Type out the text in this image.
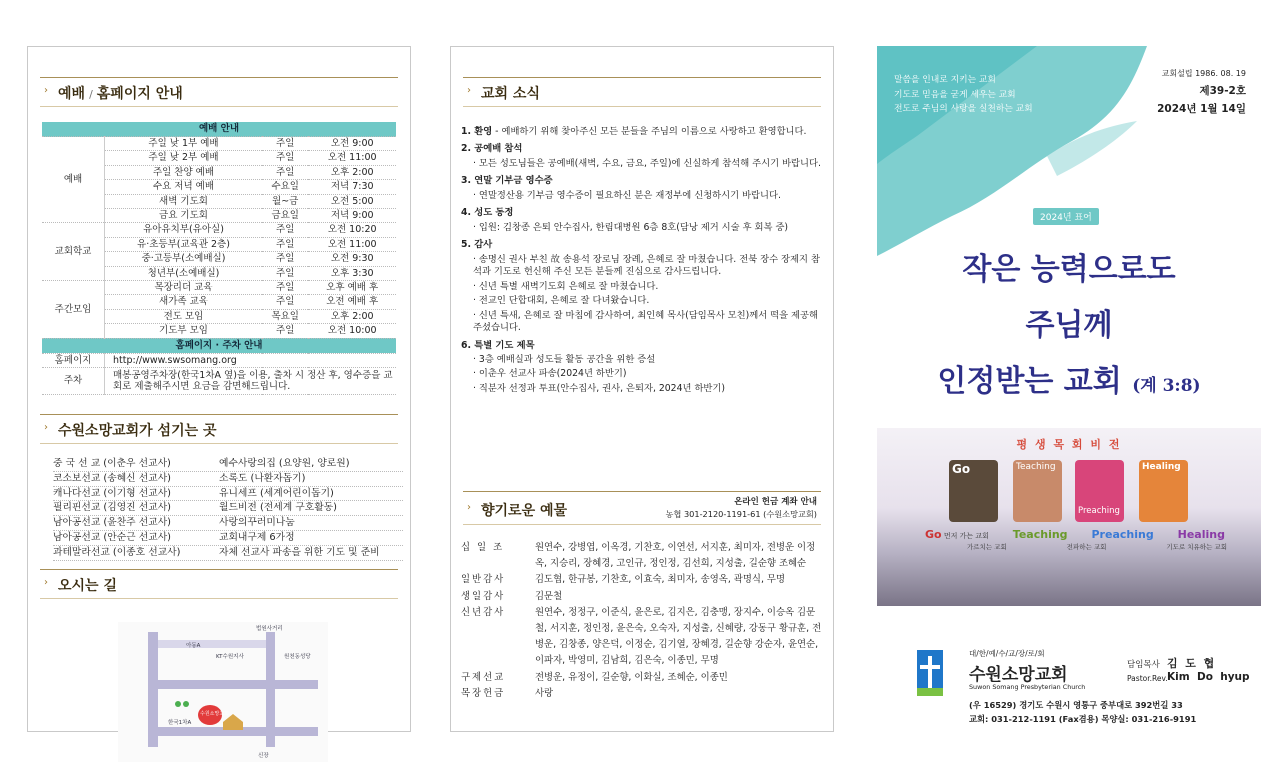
› 예배 / 홈페이지 안내
예배 안내			
예배	주일 낮 1부 예배	주일	오전 9:00
	주일 낮 2부 예배	주일	오전 11:00
	주일 찬양 예배	주일	오후 2:00
	수요 저녁 예배	수요일	저녁 7:30
	새벽 기도회	월~금	오전 5:00
	금요 기도회	금요일	저녁 9:00
교회학교	유아유치부(유아실)	주일	오전 10:20
	유·초등부(교육관 2층)	주일	오전 11:00
	중·고등부(소예배실)	주일	오전 9:30
	청년부(소예배실)	주일	오후 3:30
주간모임	목장리더 교육	주일	오후 예배 후
	새가족 교육	주일	오전 예배 후
	전도 모임	목요일	오후 2:00
	기도부 모임	주일	오전 10:00
홈페이지 · 주차 안내			
홈페이지	http://www.swsomang.org		
주차	매봉공영주차장(한국1차A 옆)을 이용, 출차 시 정산 후, 영수증을 교회로 제출해주시면 요금을 감면해드립니다.		
› 수원소망교회가 섬기는 곳
중 국 선 교 (이춘우 선교사)	예수사랑의집 (요양원, 양로원)
코소보선교 (송혜신 선교사)	소록도 (나환자돕기)
캐나다선교 (이기형 선교사)	유니세프 (세계어린이돕기)
필리핀선교 (김영진 선교사)	월드비전 (전세계 구호활동)
남아공선교 (윤찬주 선교사)	사랑의꾸러미나눔
남아공선교 (안순근 선교사)	교회내구제 6가정
과테말라선교 (이종호 선교사)	자체 선교사 파송을 위한 기도 및 준비
› 오시는 길
법원사거리
아동A
KT수원지사	원천동성당
수원소망교회
한국1차A
신장
› 교회 소식
1. 환영 - 예배하기 위해 찾아주신 모든 분들을 주님의 이름으로 사랑하고 환영합니다.
2. 공예배 참석
· 모든 성도님들은 공예배(새벽, 수요, 금요, 주일)에 신실하게 참석해 주시기 바랍니다.
3. 연말 기부금 영수증
· 연말정산용 기부금 영수증이 필요하신 분은 재정부에 신청하시기 바랍니다.
4. 성도 동정
· 입원: 김창종 은퇴 안수집사, 한림대병원 6층 8호(담낭 제거 시술 후 회복 중)
5. 감사
· 송명신 권사 부친 故 송용석 장로님 장례, 은혜로 잘 마쳤습니다. 전북 장수 장제지 참석과 기도로 헌신해 주신 모든 분들께 진심으로 감사드립니다.
· 신년 특별 새벽기도회 은혜로 잘 마쳤습니다.
· 전교인 단합대회, 은혜로 잘 다녀왔습니다.
· 신년 특새, 은혜로 잘 마침에 감사하여, 최인혜 목사(담임목사 모친)께서 떡을 제공해 주셨습니다.
6. 특별 기도 제목
· 3층 예배실과 성도들 활동 공간을 위한 증설
· 이춘우 선교사 파송(2024년 하반기)
· 직분자 선정과 투표(안수집사, 권사, 은퇴자, 2024년 하반기)
› 향기로운 예물
온라인 헌금 계좌 안내
농협 301-2120-1191-61 (수원소망교회)
십 일 조	원연수, 강병엽, 이옥경, 기찬호, 이연선, 서지훈, 최미자, 전병운 이정옥, 지승리, 장혜경, 고인규, 정인정, 김선희, 지성출, 길순향 조혜순
일반감사	김도협, 한규봉, 기찬호, 이효숙, 최미자, 송영옥, 곽명식, 무명
생일감사	김문철
신년감사	원연수, 정정구, 이준식, 윤은로, 김지은, 김충맹, 장지수, 이승옥 김문철, 서지훈, 정인정, 윤은숙, 오숙자, 지성출, 신혜량, 강동구 황규훈, 전병운, 김창종, 양은덕, 이정순, 김기열, 장혜경, 길순향 강순자, 윤연순, 이파자, 박영미, 김남희, 김은숙, 이종민, 무명
구제선교	전병운, 유정이, 길순향, 이화실, 조혜순, 이종민
목장헌금	사랑
말씀을 인내로 지키는 교회
기도로 믿음을 굳게 세우는 교회
전도로 주님의 사랑을 실천하는 교회
교회설립 1986. 08. 19
제39-2호
2024년 1월 14일
2024년 표어
작은 능력으로도
주님께
인정받는 교회 (계 3:8)
평 생 목 회 비 전
Go	Teaching
Preaching
Healing
Go 먼저 가는 교회 Teaching Preaching Healing
가르치는 교회	전파하는 교회	기도로 치유하는 교회
대/한/예/수/교/장/로/회
수원소망교회
Suwon Somang Presbyterian Church
담임목사 김  도  협
Pastor.Rev. Kim  Do  hyup
(우 16529) 경기도 수원시 영통구 중부대로 392번길 33
교회: 031-212-1191 (Fax겸용) 목양실: 031-216-9191
